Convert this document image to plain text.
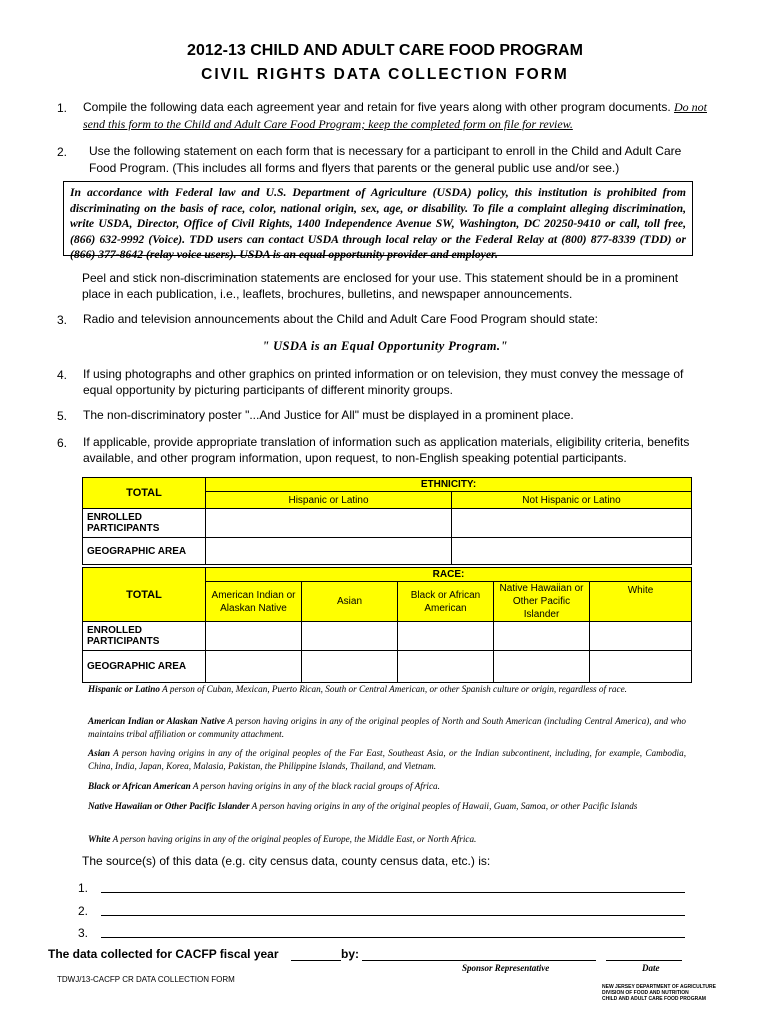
2012-13 CHILD AND ADULT CARE FOOD PROGRAM
CIVIL RIGHTS DATA COLLECTION FORM
1. Compile the following data each agreement year and retain for five years along with other program documents. Do not send this form to the Child and Adult Care Food Program; keep the completed form on file for review.
2. Use the following statement on each form that is necessary for a participant to enroll in the Child and Adult Care
Food Program. (This includes all forms and flyers that parents or the general public use and/or see.)
In accordance with Federal law and U.S. Department of Agriculture (USDA) policy, this institution is prohibited from discriminating on the basis of race, color, national origin, sex, age, or disability. To file a complaint alleging discrimination, write USDA, Director, Office of Civil Rights, 1400 Independence Avenue SW, Washington, DC 20250-9410 or call, toll free, (866) 632-9992 (Voice). TDD users can contact USDA through local relay or the Federal Relay at (800) 877-8339 (TDD) or (866) 377-8642 (relay voice users). USDA is an equal opportunity provider and employer.
Peel and stick non-discrimination statements are enclosed for your use. This statement should be in a prominent
place in each publication, i.e., leaflets, brochures, bulletins, and newspaper announcements.
3. Radio and television announcements about the Child and Adult Care Food Program should state:
" USDA is an Equal Opportunity Program."
4. If using photographs and other graphics on printed information or on television, they must convey the message of
equal opportunity by picturing participants of different minority groups.
5. The non-discriminatory poster "...And Justice for All" must be displayed in a prominent place.
6. If applicable, provide appropriate translation of information such as application materials, eligibility criteria, benefits
available, and other program information, upon request, to non-English speaking potential participants.
TOTAL	ETHNICITY:	
	Hispanic or Latino	Not Hispanic or Latino
ENROLLED PARTICIPANTS		
GEOGRAPHIC AREA		
TOTAL	RACE:				
	American Indian or Alaskan Native	Asian	Black or African American	Native Hawaiian or Other Pacific Islander	White
ENROLLED PARTICIPANTS					
GEOGRAPHIC AREA					
Hispanic or Latino A person of Cuban, Mexican, Puerto Rican, South or Central American, or other Spanish culture or origin, regardless of race.
American Indian or Alaskan Native A person having origins in any of the original peoples of North and South American (including Central America), and who maintains tribal affiliation or community attachment.
Asian A person having origins in any of the original peoples of the Far East, Southeast Asia, or the Indian subcontinent, including, for example, Cambodia, China, India, Japan, Korea, Malasia, Pakistan, the Philippine Islands, Thailand, and Vietnam.
Black or African American A person having origins in any of the black racial groups of Africa.
Native Hawaiian or Other Pacific Islander A person having origins in any of the original peoples of Hawaii, Guam, Samoa, or other Pacific Islands
White A person having origins in any of the original peoples of Europe, the Middle East, or North Africa.
The source(s) of this data (e.g. city census data, county census data, etc.) is:
1.
2.
3.
The data collected for CACFP fiscal year	by:
Sponsor Representative	Date
TDWJ/13-CACFP CR DATA COLLECTION FORM
NEW JERSEY DEPARTMENT OF AGRICULTURE
DIVISION OF FOOD AND NUTRITION
CHILD AND ADULT CARE FOOD PROGRAM
